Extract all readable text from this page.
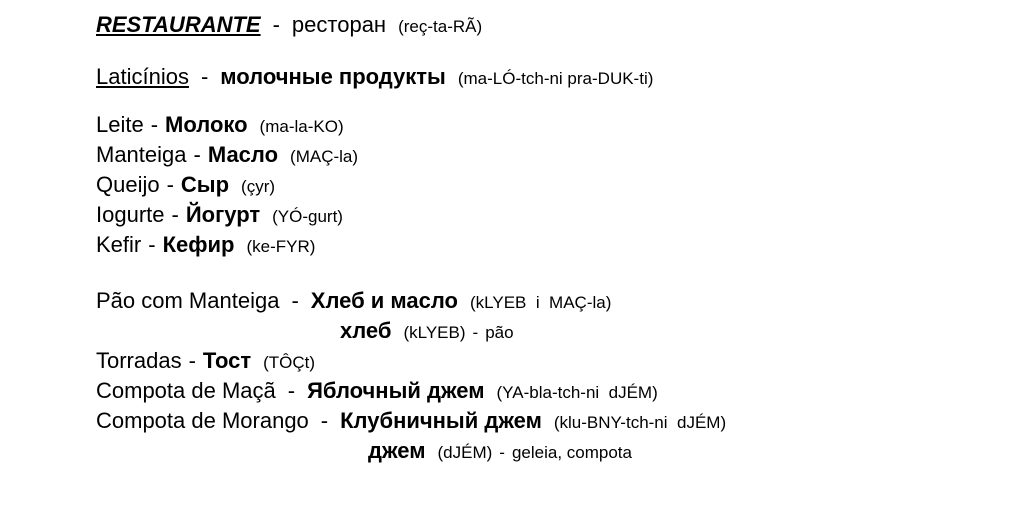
RESTAURANTE - ресторан (reç-ta-RÃ)
Laticínios - молочные продукты (ma-LÓ-tch-ni pra-DUK-ti)
Leite - Молоко (ma-la-KO)
Manteiga - Масло (MAÇ-la)
Queijo - Сыр (çyr)
Iogurte - Йогурт (YÓ-gurt)
Kefir - Кефир (ke-FYR)
Pão com Manteiga - Хлеб и масло (kLYEB  i  MAÇ-la)
хлеб (kLYEB) - pão
Torradas - Тост (TÔÇt)
Compota de Maçã - Яблочный джем (YA-bla-tch-ni  dJÉM)
Compota de Morango - Клубничный джем (klu-BNY-tch-ni  dJÉM)
джем (dJÉM) - geleia, compota
